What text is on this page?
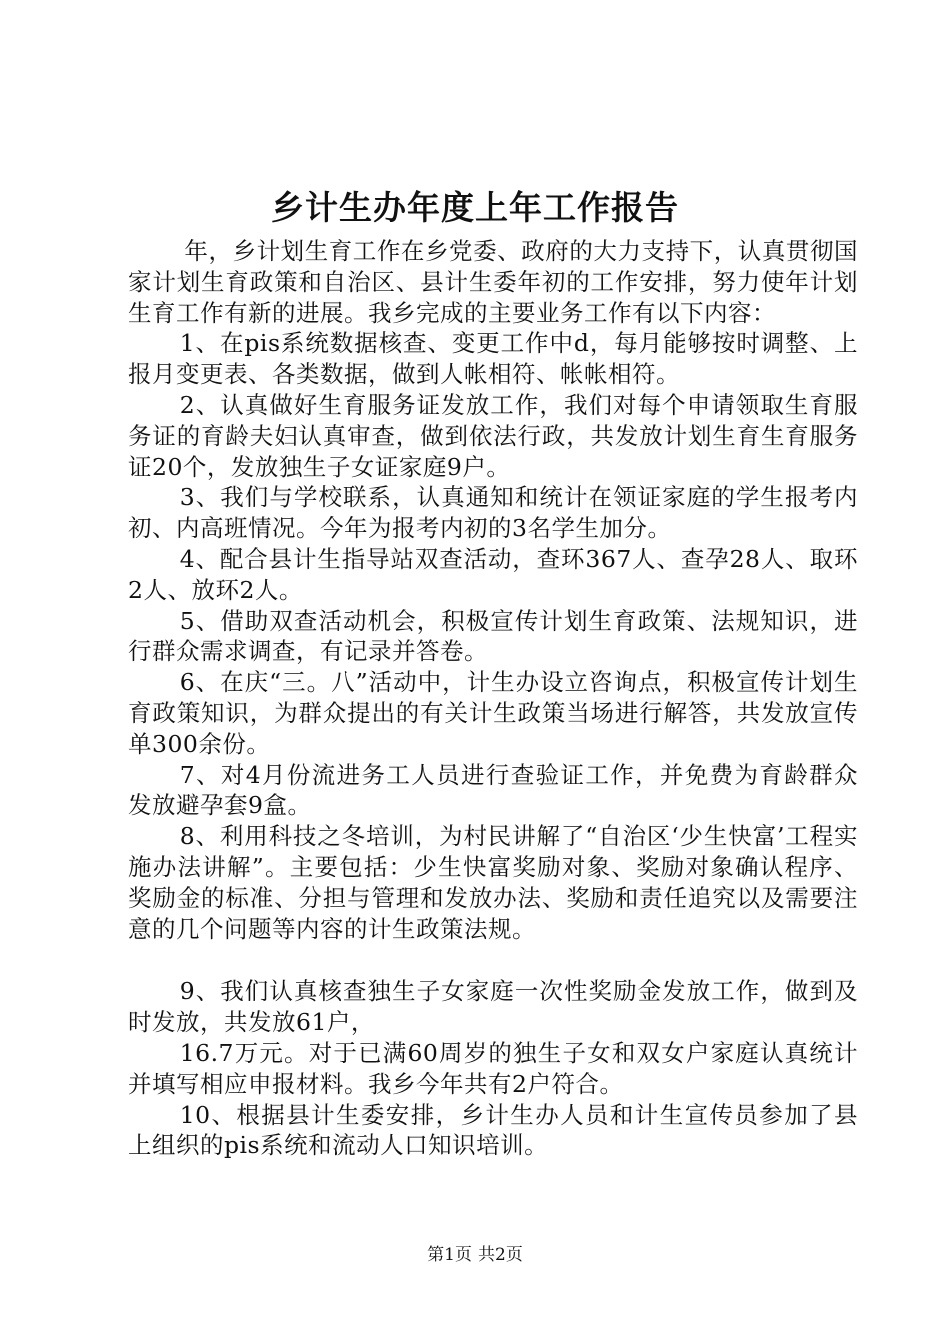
乡计生办年度上年工作报告

年，乡计划生育工作在乡党委、政府的大力支持下，认真贯彻国家计划生育政策和自治区、县计生委年初的工作安排，努力使年计划生育工作有新的进展。我乡完成的主要业务工作有以下内容：

1、在pis系统数据核查、变更工作中d，每月能够按时调整、上报月变更表、各类数据，做到人帐相符、帐帐相符。

2、认真做好生育服务证发放工作，我们对每个申请领取生育服务证的育龄夫妇认真审查，做到依法行政，共发放计划生育生育服务证20个，发放独生子女证家庭9户。

3、我们与学校联系，认真通知和统计在领证家庭的学生报考内初、内高班情况。今年为报考内初的3名学生加分。

4、配合县计生指导站双查活动，查环367人、查孕28人、取环2人、放环2人。

5、借助双查活动机会，积极宣传计划生育政策、法规知识，进行群众需求调查，有记录并答卷。

6、在庆“三。八”活动中，计生办设立咨询点，积极宣传计划生育政策知识，为群众提出的有关计生政策当场进行解答，共发放宣传单300余份。

7、对4月份流进务工人员进行查验证工作，并免费为育龄群众发放避孕套9盒。

8、利用科技之冬培训，为村民讲解了“自治区‘少生快富’工程实施办法讲解”。主要包括：少生快富奖励对象、奖励对象确认程序、奖励金的标准、分担与管理和发放办法、奖励和责任追究以及需要注意的几个问题等内容的计生政策法规。

9、我们认真核查独生子女家庭一次性奖励金发放工作，做到及时发放，共发放61户，

16.7万元。对于已满60周岁的独生子女和双女户家庭认真统计并填写相应申报材料。我乡今年共有2户符合。

10、根据县计生委安排，乡计生办人员和计生宣传员参加了县上组织的pis系统和流动人口知识培训。

第1页 共2页
